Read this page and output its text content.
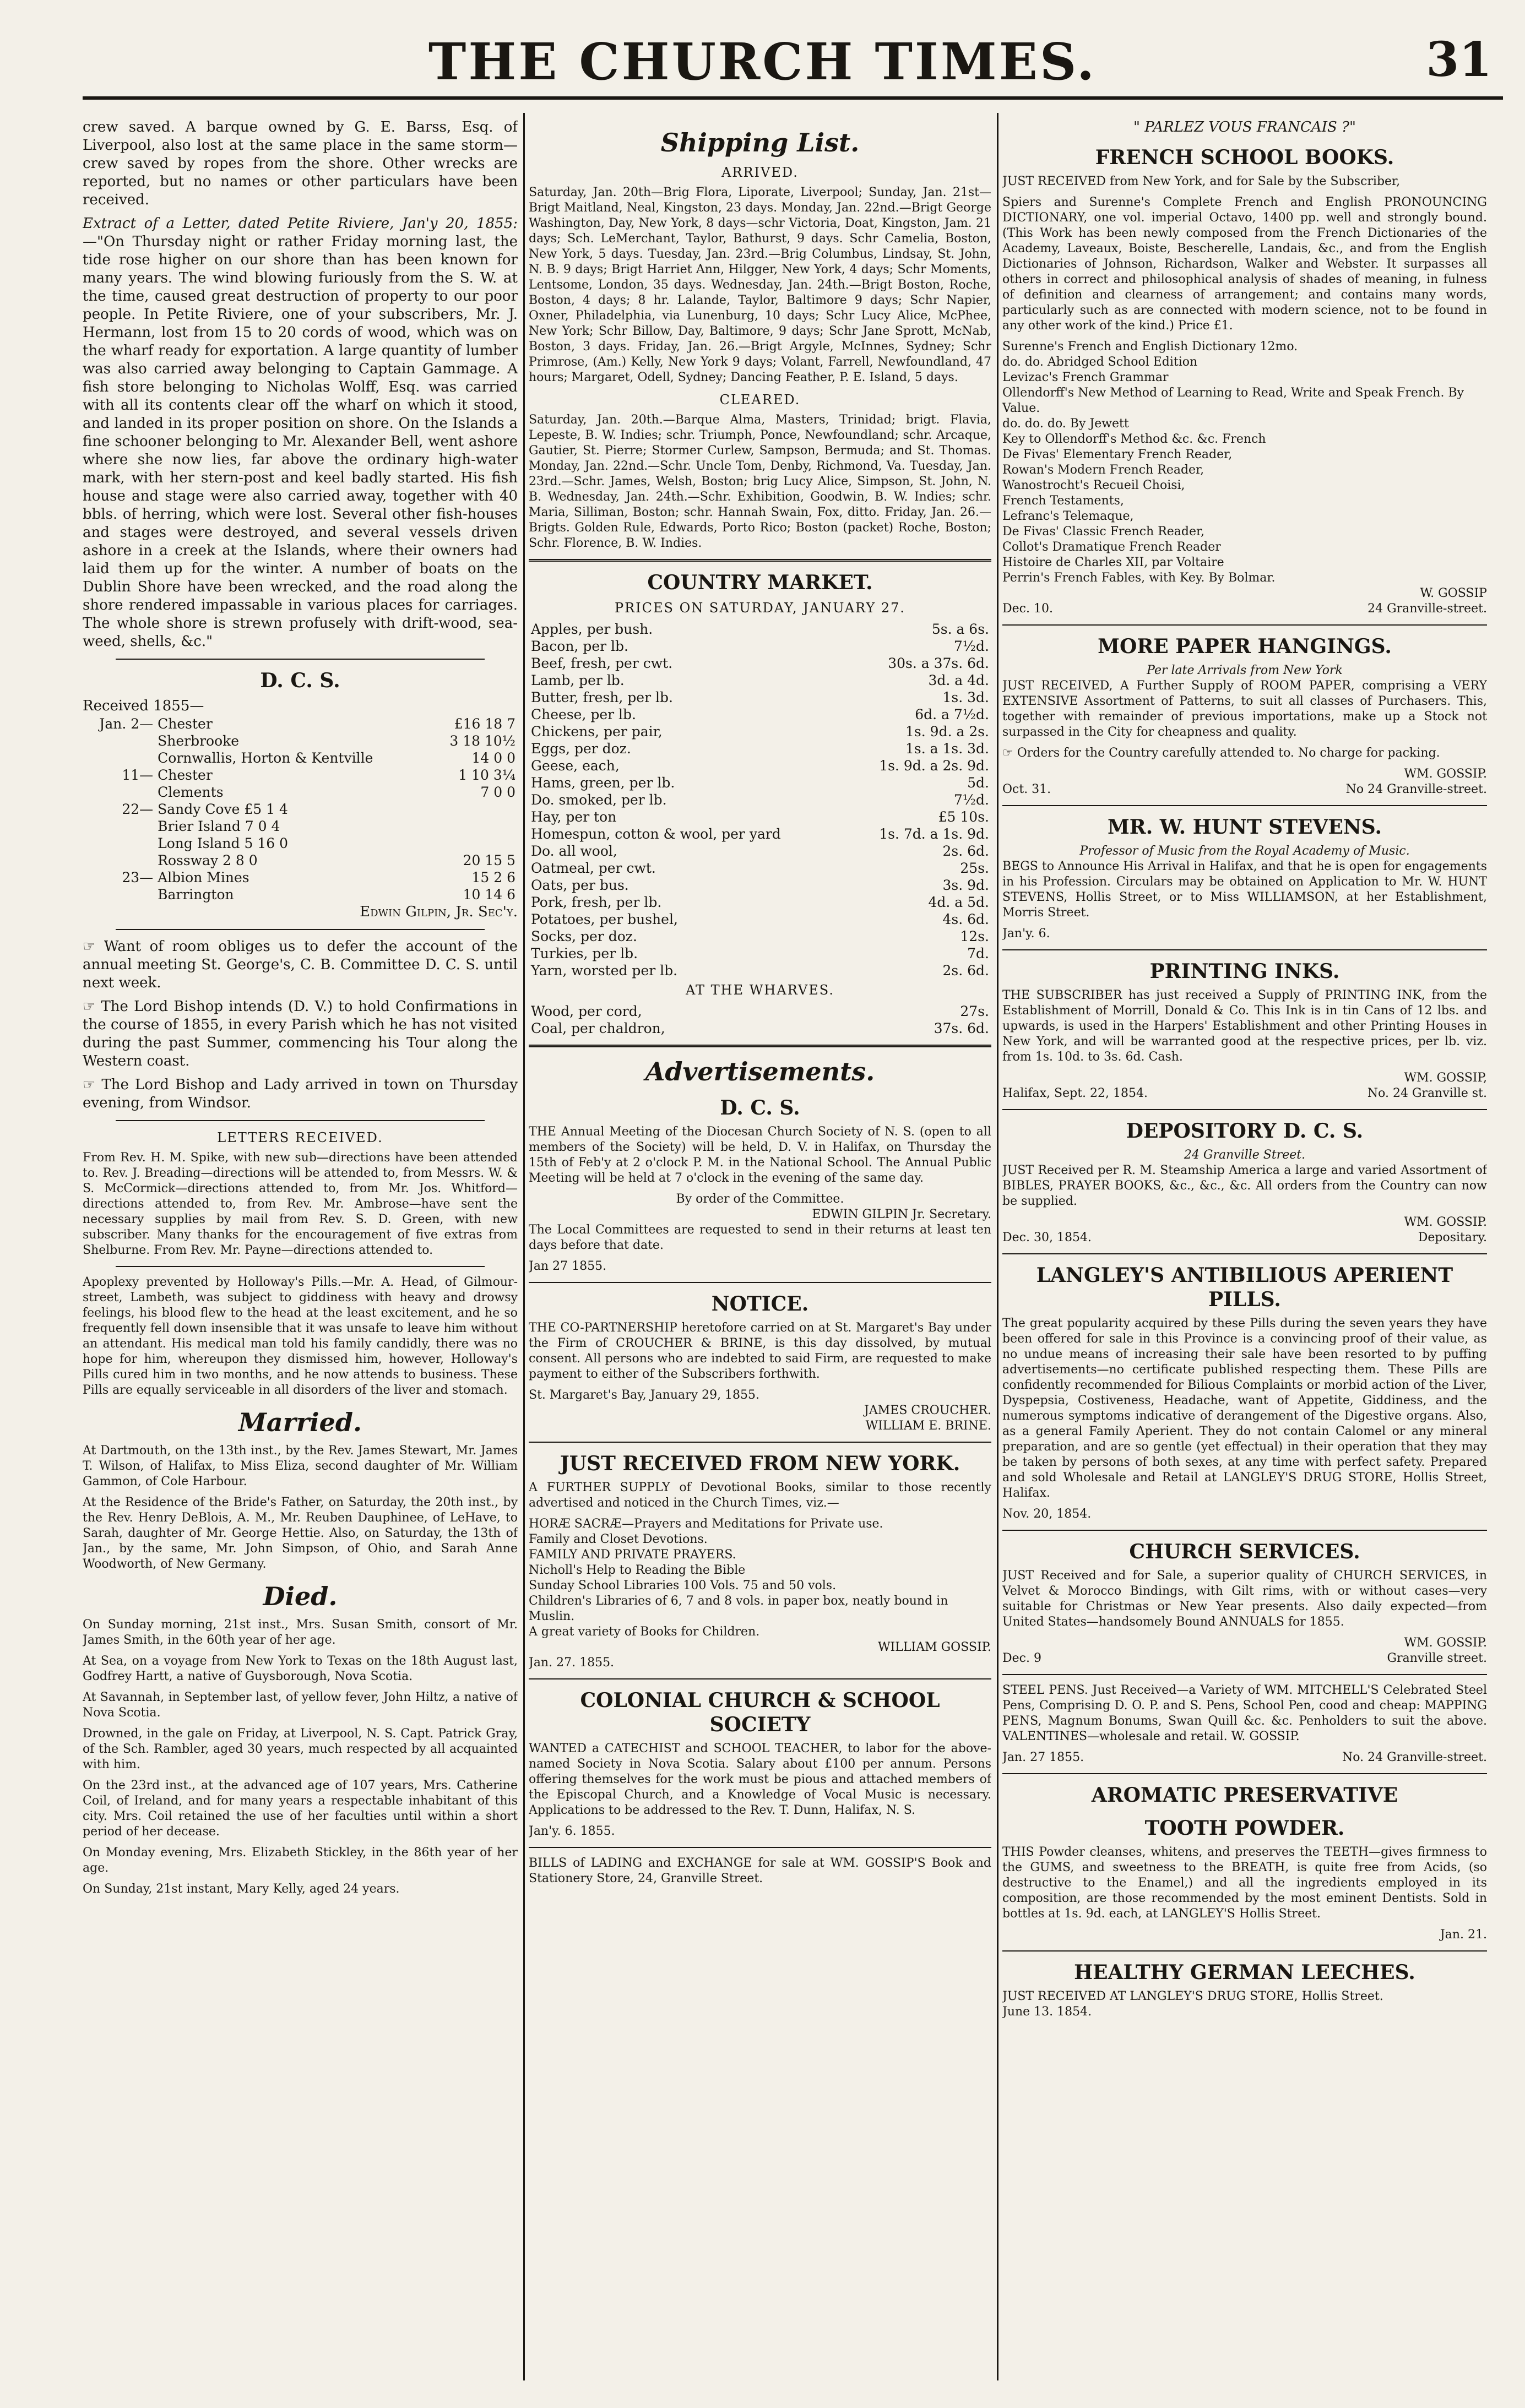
THE CHURCH TIMES.	31

crew saved. A barque owned by G. E. Barss, Esq. of Liverpool, also lost at the same place in the same storm—crew saved by ropes from the shore. Other wrecks are reported, but no names or other particulars have been received.

Extract of a Letter, dated Petite Riviere, Jan'y 20, 1855: —"On Thursday night or rather Friday morning last, the tide rose higher on our shore than has been known for many years. The wind blowing furiously from the S. W. at the time, caused great destruction of property to our poor people. In Petite Riviere, one of your subscribers, Mr. J. Hermann, lost from 15 to 20 cords of wood, which was on the wharf ready for exportation. A large quantity of lumber was also carried away belonging to Captain Gammage. A fish store belonging to Nicholas Wolff, Esq. was carried with all its contents clear off the wharf on which it stood, and landed in its proper position on shore. On the Islands a fine schooner belonging to Mr. Alexander Bell, went ashore where she now lies, far above the ordinary high-water mark, with her stern-post and keel badly started. His fish house and stage were also carried away, together with 40 bbls. of herring, which were lost. Several other fish-houses and stages were destroyed, and several vessels driven ashore in a creek at the Islands, where their owners had laid them up for the winter. A number of boats on the Dublin Shore have been wrecked, and the road along the shore rendered impassable in various places for carriages. The whole shore is strewn profusely with drift-wood, sea-weed, shells, &c."

D. C. S.
Received 1855—
Jan. 2—	Chester	£16 18 7
	Sherbrooke	3 18 10½
	Cornwallis, Horton & Kentville	14 0 0
11—	Chester	1 10 3¼
	Clements	7 0 0
22—	Sandy Cove £5 1 4	
	Brier Island 7 0 4	
	Long Island 5 16 0	
	Rossway 2 8 0	20 15 5
23—	Albion Mines	15 2 6
	Barrington	10 14 6
Edwin Gilpin, Jr. Sec'y.

☞ Want of room obliges us to defer the account of the annual meeting St. George's, C. B. Committee D. C. S. until next week.

☞ The Lord Bishop intends (D. V.) to hold Confirmations in the course of 1855, in every Parish which he has not visited during the past Summer, commencing his Tour along the Western coast.

☞ The Lord Bishop and Lady arrived in town on Thursday evening, from Windsor.

LETTERS RECEIVED.

From Rev. H. M. Spike, with new sub—directions have been attended to. Rev. J. Breading—directions will be attended to, from Messrs. W. & S. McCormick—directions attended to, from Mr. Jos. Whitford—directions attended to, from Rev. Mr. Ambrose—have sent the necessary supplies by mail from Rev. S. D. Green, with new subscriber. Many thanks for the encouragement of five extras from Shelburne. From Rev. Mr. Payne—directions attended to.

Apoplexy prevented by Holloway's Pills.—Mr. A. Head, of Gilmour-street, Lambeth, was subject to giddiness with heavy and drowsy feelings, his blood flew to the head at the least excitement, and he so frequently fell down insensible that it was unsafe to leave him without an attendant. His medical man told his family candidly, there was no hope for him, whereupon they dismissed him, however, Holloway's Pills cured him in two months, and he now attends to business. These Pills are equally serviceable in all disorders of the liver and stomach.

Married.

At Dartmouth, on the 13th inst., by the Rev. James Stewart, Mr. James T. Wilson, of Halifax, to Miss Eliza, second daughter of Mr. William Gammon, of Cole Harbour.

At the Residence of the Bride's Father, on Saturday, the 20th inst., by the Rev. Henry DeBlois, A. M., Mr. Reuben Dauphinee, of LeHave, to Sarah, daughter of Mr. George Hettie. Also, on Saturday, the 13th of Jan., by the same, Mr. John Simpson, of Ohio, and Sarah Anne Woodworth, of New Germany.

Died.

On Sunday morning, 21st inst., Mrs. Susan Smith, consort of Mr. James Smith, in the 60th year of her age.

At Sea, on a voyage from New York to Texas on the 18th August last, Godfrey Hartt, a native of Guysborough, Nova Scotia.

At Savannah, in September last, of yellow fever, John Hiltz, a native of Nova Scotia.

Drowned, in the gale on Friday, at Liverpool, N. S. Capt. Patrick Gray, of the Sch. Rambler, aged 30 years, much respected by all acquainted with him.

On the 23rd inst., at the advanced age of 107 years, Mrs. Catherine Coil, of Ireland, and for many years a respectable inhabitant of this city. Mrs. Coil retained the use of her faculties until within a short period of her decease.

On Monday evening, Mrs. Elizabeth Stickley, in the 86th year of her age.

On Sunday, 21st instant, Mary Kelly, aged 24 years.

Shipping List.
ARRIVED.

Saturday, Jan. 20th—Brig Flora, Liporate, Liverpool; Sunday, Jan. 21st—Brigt Maitland, Neal, Kingston, 23 days. Monday, Jan. 22nd.—Brigt George Washington, Day, New York, 8 days—schr Victoria, Doat, Kingston, Jam. 21 days; Sch. LeMerchant, Taylor, Bathurst, 9 days. Schr Camelia, Boston, New York, 5 days. Tuesday, Jan. 23rd.—Brig Columbus, Lindsay, St. John, N. B. 9 days; Brigt Harriet Ann, Hilgger, New York, 4 days; Schr Moments, Lentsome, London, 35 days. Wednesday, Jan. 24th.—Brigt Boston, Roche, Boston, 4 days; 8 hr. Lalande, Taylor, Baltimore 9 days; Schr Napier, Oxner, Philadelphia, via Lunenburg, 10 days; Schr Lucy Alice, McPhee, New York; Schr Billow, Day, Baltimore, 9 days; Schr Jane Sprott, McNab, Boston, 3 days. Friday, Jan. 26.—Brigt Argyle, McInnes, Sydney; Schr Primrose, (Am.) Kelly, New York 9 days; Volant, Farrell, Newfoundland, 47 hours; Margaret, Odell, Sydney; Dancing Feather, P. E. Island, 5 days.

CLEARED.

Saturday, Jan. 20th.—Barque Alma, Masters, Trinidad; brigt. Flavia, Lepeste, B. W. Indies; schr. Triumph, Ponce, Newfoundland; schr. Arcaque, Gautier, St. Pierre; Stormer Curlew, Sampson, Bermuda; and St. Thomas. Monday, Jan. 22nd.—Schr. Uncle Tom, Denby, Richmond, Va. Tuesday, Jan. 23rd.—Schr. James, Welsh, Boston; brig Lucy Alice, Simpson, St. John, N. B. Wednesday, Jan. 24th.—Schr. Exhibition, Goodwin, B. W. Indies; schr. Maria, Silliman, Boston; schr. Hannah Swain, Fox, ditto. Friday, Jan. 26.—Brigts. Golden Rule, Edwards, Porto Rico; Boston (packet) Roche, Boston; Schr. Florence, B. W. Indies.

COUNTRY MARKET.
PRICES ON SATURDAY, JANUARY 27.
Apples, per bush.	5s. a 6s.
Bacon, per lb.	7½d.
Beef, fresh, per cwt.	30s. a 37s. 6d.
Lamb, per lb.	3d. a 4d.
Butter, fresh, per lb.	1s. 3d.
Cheese, per lb.	6d. a 7½d.
Chickens, per pair,	1s. 9d. a 2s.
Eggs, per doz.	1s. a 1s. 3d.
Geese, each,	1s. 9d. a 2s. 9d.
Hams, green, per lb.	5d.
Do. smoked, per lb.	7½d.
Hay, per ton	£5 10s.
Homespun, cotton & wool, per yard	1s. 7d. a 1s. 9d.
Do. all wool,	2s. 6d.
Oatmeal, per cwt.	25s.
Oats, per bus.	3s. 9d.
Pork, fresh, per lb.	4d. a 5d.
Potatoes, per bushel,	4s. 6d.
Socks, per doz.	12s.
Turkies, per lb.	7d.
Yarn, worsted per lb.	2s. 6d.
AT THE WHARVES.
Wood, per cord,	27s.
Coal, per chaldron,	37s. 6d.
Advertisements.
D. C. S.

THE Annual Meeting of the Diocesan Church Society of N. S. (open to all members of the Society) will be held, D. V. in Halifax, on Thursday the 15th of Feb'y at 2 o'clock P. M. in the National School. The Annual Public Meeting will be held at 7 o'clock in the evening of the same day.

By order of the Committee.
EDWIN GILPIN Jr. Secretary.

The Local Committees are requested to send in their returns at least ten days before that date.

Jan 27 1855.
NOTICE.

THE CO-PARTNERSHIP heretofore carried on at St. Margaret's Bay under the Firm of CROUCHER & BRINE, is this day dissolved, by mutual consent. All persons who are indebted to said Firm, are requested to make payment to either of the Subscribers forthwith.

St. Margaret's Bay, January 29, 1855.
JAMES CROUCHER.
WILLIAM E. BRINE.
JUST RECEIVED FROM NEW YORK.

A FURTHER SUPPLY of Devotional Books, similar to those recently advertised and noticed in the Church Times, viz.—

HORÆ SACRÆ—Prayers and Meditations for Private use.
Family and Closet Devotions.
FAMILY AND PRIVATE PRAYERS.
Nicholl's Help to Reading the Bible
Sunday School Libraries 100 Vols. 75 and 50 vols.
Children's Libraries of 6, 7 and 8 vols. in paper box, neatly bound in Muslin.
A great variety of Books for Children.
WILLIAM GOSSIP.
Jan. 27. 1855.
COLONIAL CHURCH & SCHOOL SOCIETY

WANTED a CATECHIST and SCHOOL TEACHER, to labor for the above-named Society in Nova Scotia. Salary about £100 per annum. Persons offering themselves for the work must be pious and attached members of the Episcopal Church, and a Knowledge of Vocal Music is necessary. Applications to be addressed to the Rev. T. Dunn, Halifax, N. S.

Jan'y. 6. 1855.

BILLS of LADING and EXCHANGE for sale at WM. GOSSIP'S Book and Stationery Store, 24, Granville Street.

" PARLEZ VOUS FRANCAIS ?"
FRENCH SCHOOL BOOKS.

JUST RECEIVED from New York, and for Sale by the Subscriber,

Spiers and Surenne's Complete French and English PRONOUNCING DICTIONARY, one vol. imperial Octavo, 1400 pp. well and strongly bound. (This Work has been newly composed from the French Dictionaries of the Academy, Laveaux, Boiste, Bescherelle, Landais, &c., and from the English Dictionaries of Johnson, Richardson, Walker and Webster. It surpasses all others in correct and philosophical analysis of shades of meaning, in fulness of definition and clearness of arrangement; and contains many words, particularly such as are connected with modern science, not to be found in any other work of the kind.) Price £1.

Surenne's French and English Dictionary 12mo.
do. do. Abridged School Edition
Levizac's French Grammar
Ollendorff's New Method of Learning to Read, Write and Speak French. By Value.
do. do. do. By Jewett
Key to Ollendorff's Method &c. &c. French
De Fivas' Elementary French Reader,
Rowan's Modern French Reader,
Wanostrocht's Recueil Choisi,
French Testaments,
Lefranc's Telemaque,
De Fivas' Classic French Reader,
Collot's Dramatique French Reader
Histoire de Charles XII, par Voltaire
Perrin's French Fables, with Key. By Bolmar.
W. GOSSIP
Dec. 10.	24 Granville-street.
MORE PAPER HANGINGS.
Per late Arrivals from New York

JUST RECEIVED, A Further Supply of ROOM PAPER, comprising a VERY EXTENSIVE Assortment of Patterns, to suit all classes of Purchasers. This, together with remainder of previous importations, make up a Stock not surpassed in the City for cheapness and quality.

☞ Orders for the Country carefully attended to. No charge for packing.

WM. GOSSIP.
Oct. 31.	No 24 Granville-street.
MR. W. HUNT STEVENS.
Professor of Music from the Royal Academy of Music.

BEGS to Announce His Arrival in Halifax, and that he is open for engagements in his Profession. Circulars may be obtained on Application to Mr. W. HUNT STEVENS, Hollis Street, or to Miss WILLIAMSON, at her Establishment, Morris Street.

Jan'y. 6.
PRINTING INKS.

THE SUBSCRIBER has just received a Supply of PRINTING INK, from the Establishment of Morrill, Donald & Co. This Ink is in tin Cans of 12 lbs. and upwards, is used in the Harpers' Establishment and other Printing Houses in New York, and will be warranted good at the respective prices, per lb. viz. from 1s. 10d. to 3s. 6d. Cash.

WM. GOSSIP,
Halifax, Sept. 22, 1854.	No. 24 Granville st.
DEPOSITORY D. C. S.
24 Granville Street.

JUST Received per R. M. Steamship America a large and varied Assortment of BIBLES, PRAYER BOOKS, &c., &c., &c. All orders from the Country can now be supplied.

WM. GOSSIP.
Dec. 30, 1854.	Depositary.
LANGLEY'S ANTIBILIOUS APERIENT PILLS.

The great popularity acquired by these Pills during the seven years they have been offered for sale in this Province is a convincing proof of their value, as no undue means of increasing their sale have been resorted to by puffing advertisements—no certificate published respecting them. These Pills are confidently recommended for Bilious Complaints or morbid action of the Liver, Dyspepsia, Costiveness, Headache, want of Appetite, Giddiness, and the numerous symptoms indicative of derangement of the Digestive organs. Also, as a general Family Aperient. They do not contain Calomel or any mineral preparation, and are so gentle (yet effectual) in their operation that they may be taken by persons of both sexes, at any time with perfect safety. Prepared and sold Wholesale and Retail at LANGLEY'S DRUG STORE, Hollis Street, Halifax.

Nov. 20, 1854.
CHURCH SERVICES.

JUST Received and for Sale, a superior quality of CHURCH SERVICES, in Velvet & Morocco Bindings, with Gilt rims, with or without cases—very suitable for Christmas or New Year presents. Also daily expected—from United States—handsomely Bound ANNUALS for 1855.

WM. GOSSIP.
Dec. 9	Granville street.

STEEL PENS. Just Received—a Variety of WM. MITCHELL'S Celebrated Steel Pens, Comprising D. O. P. and S. Pens, School Pen, cood and cheap: MAPPING PENS, Magnum Bonums, Swan Quill &c. &c. Penholders to suit the above. VALENTINES—wholesale and retail. W. GOSSIP.

Jan. 27 1855.	No. 24 Granville-street.
AROMATIC PRESERVATIVE
TOOTH POWDER.

THIS Powder cleanses, whitens, and preserves the TEETH—gives firmness to the GUMS, and sweetness to the BREATH, is quite free from Acids, (so destructive to the Enamel,) and all the ingredients employed in its composition, are those recommended by the most eminent Dentists. Sold in bottles at 1s. 9d. each, at LANGLEY'S Hollis Street.

Jan. 21.
HEALTHY GERMAN LEECHES.
JUST RECEIVED AT LANGLEY'S DRUG STORE, Hollis Street.
June 13. 1854.
